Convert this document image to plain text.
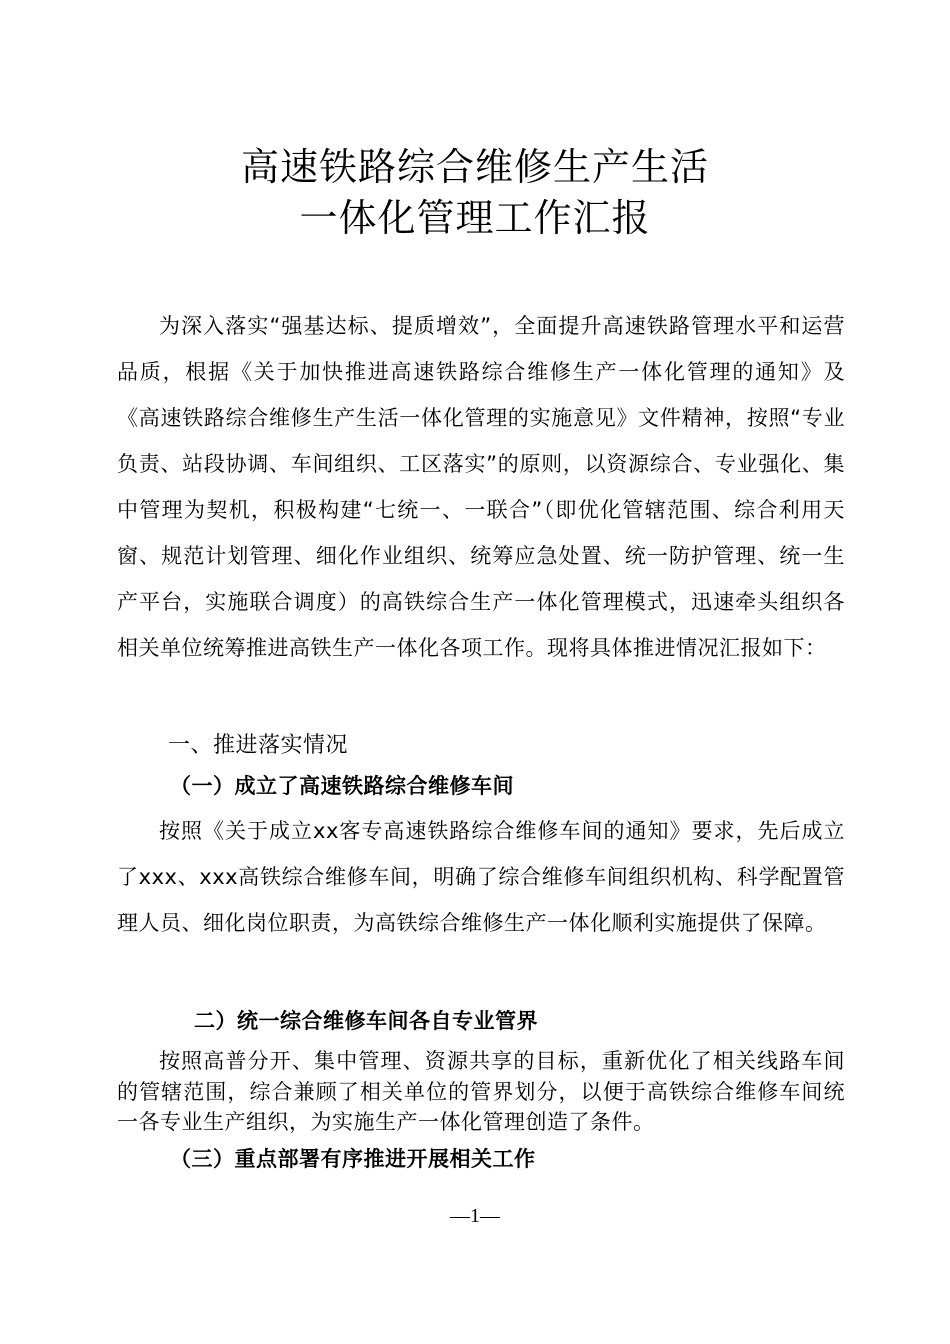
高速铁路综合维修生产生活
一体化管理工作汇报

为深入落实“强基达标、提质增效”，全面提升高速铁路管理水平和运营品质，根据《关于加快推进高速铁路综合维修生产一体化管理的通知》及《高速铁路综合维修生产生活一体化管理的实施意见》文件精神，按照“专业负责、站段协调、车间组织、工区落实”的原则，以资源综合、专业强化、集中管理为契机，积极构建“七统一、一联合”（即优化管辖范围、综合利用天窗、规范计划管理、细化作业组织、统筹应急处置、统一防护管理、统一生产平台，实施联合调度）的高铁综合生产一体化管理模式，迅速牵头组织各相关单位统筹推进高铁生产一体化各项工作。现将具体推进情况汇报如下：

一、推进落实情况
（一）成立了高速铁路综合维修车间

按照《关于成立xx客专高速铁路综合维修车间的通知》要求，先后成立了xxx、xxx高铁综合维修车间，明确了综合维修车间组织机构、科学配置管理人员、细化岗位职责，为高铁综合维修生产一体化顺利实施提供了保障。

二）统一综合维修车间各自专业管界

按照高普分开、集中管理、资源共享的目标，重新优化了相关线路车间的管辖范围，综合兼顾了相关单位的管界划分，以便于高铁综合维修车间统一各专业生产组织，为实施生产一体化管理创造了条件。

（三）重点部署有序推进开展相关工作
—1—
